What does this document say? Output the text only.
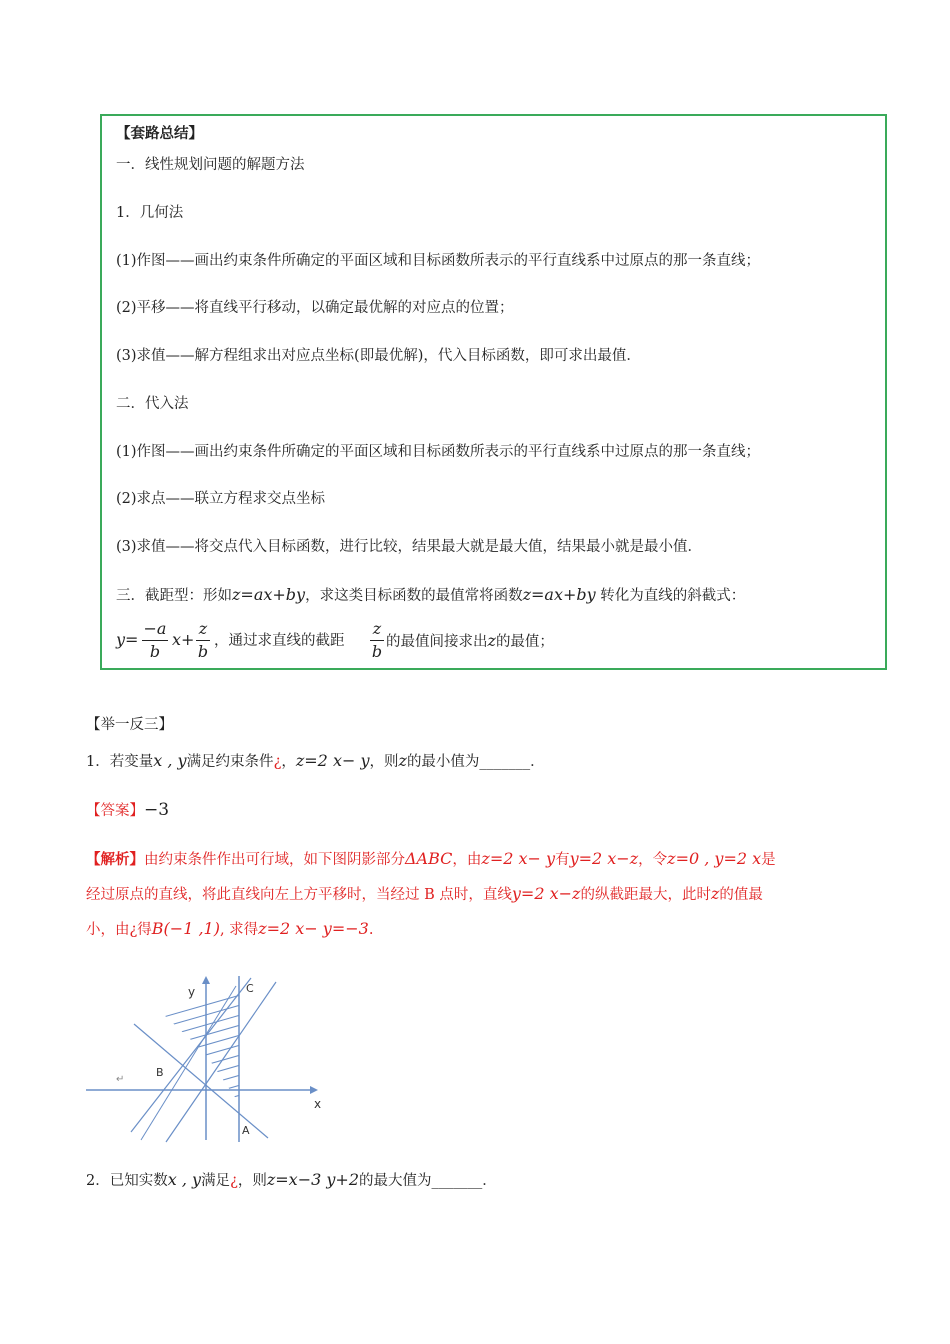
【套路总结】
一．线性规划问题的解题方法
1．几何法
(1)作图——画出约束条件所确定的平面区域和目标函数所表示的平行直线系中过原点的那一条直线；
(2)平移——将直线平行移动，以确定最优解的对应点的位置；
(3)求值——解方程组求出对应点坐标(即最优解)，代入目标函数，即可求出最值．
二．代入法
(1)作图——画出约束条件所确定的平面区域和目标函数所表示的平行直线系中过原点的那一条直线；
(2)求点——联立方程求交点坐标
(3)求值——将交点代入目标函数，进行比较，结果最大就是最大值，结果最小就是最小值．
三．截距型：形如z=ax+by，求这类目标函数的最值常将函数z=ax+by 转化为直线的斜截式：
y=
−a
b
x+
z
b
，通过求直线的截距
z
b 的最值间接求出z的最值；
【举一反三】
1．若变量x , y满足约束条件¿，z=2 x− y，则z的最小值为_______．
【答案】−3
【解析】由约束条件作出可行域，如下图阴影部分ΔABC，由z=2 x− y有y=2 x−z，令z=0 , y=2 x是
经过原点的直线，将此直线向左上方平移时，当经过 B 点时，直线y=2 x−z的纵截距最大，此时z的值最
小，由¿得B(−1 ,1), 求得z=2 x− y=−3.
y
x
C
B
A
↵
2．已知实数x , y满足¿，则z=x−3 y+2的最大值为_______．
